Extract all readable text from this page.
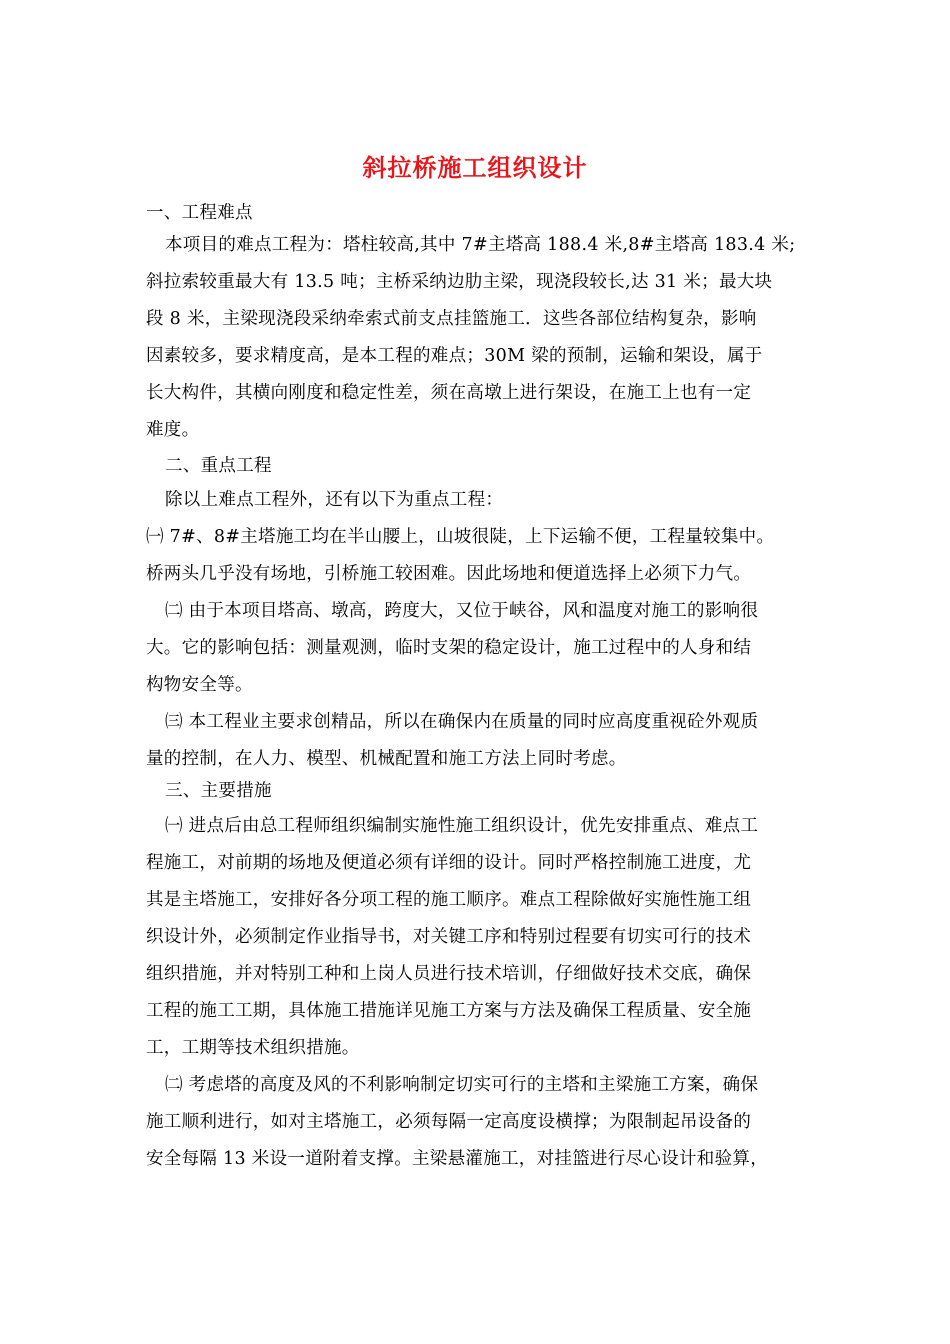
斜拉桥施工组织设计
一、工程难点
本项目的难点工程为：塔柱较高,其中 7#主塔高 188.4 米,8#主塔高 183.4 米;
斜拉索较重最大有 13.5 吨；主桥采纳边肋主梁，现浇段较长,达 31 米；最大块
段 8 米，主梁现浇段采纳牵索式前支点挂篮施工．这些各部位结构复杂，影响
因素较多，要求精度高，是本工程的难点；30M 梁的预制，运输和架设，属于
长大构件，其横向刚度和稳定性差，须在高墩上进行架设，在施工上也有一定
难度。
二、重点工程
除以上难点工程外，还有以下为重点工程：
㈠ 7#、8#主塔施工均在半山腰上，山坡很陡，上下运输不便，工程量较集中。
桥两头几乎没有场地，引桥施工较困难。因此场地和便道选择上必须下力气。
㈡ 由于本项目塔高、墩高，跨度大，又位于峡谷，风和温度对施工的影响很
大。它的影响包括：测量观测，临时支架的稳定设计，施工过程中的人身和结
构物安全等。
㈢ 本工程业主要求创精品，所以在确保内在质量的同时应高度重视砼外观质
量的控制，在人力、模型、机械配置和施工方法上同时考虑。
三、主要措施
㈠ 进点后由总工程师组织编制实施性施工组织设计，优先安排重点、难点工
程施工，对前期的场地及便道必须有详细的设计。同时严格控制施工进度，尤
其是主塔施工，安排好各分项工程的施工顺序。难点工程除做好实施性施工组
织设计外，必须制定作业指导书，对关键工序和特别过程要有切实可行的技术
组织措施，并对特别工种和上岗人员进行技术培训，仔细做好技术交底，确保
工程的施工工期，具体施工措施详见施工方案与方法及确保工程质量、安全施
工，工期等技术组织措施。
㈡ 考虑塔的高度及风的不利影响制定切实可行的主塔和主梁施工方案，确保
施工顺利进行，如对主塔施工，必须每隔一定高度设横撑；为限制起吊设备的
安全每隔 13 米设一道附着支撑。主梁悬灌施工，对挂篮进行尽心设计和验算，
